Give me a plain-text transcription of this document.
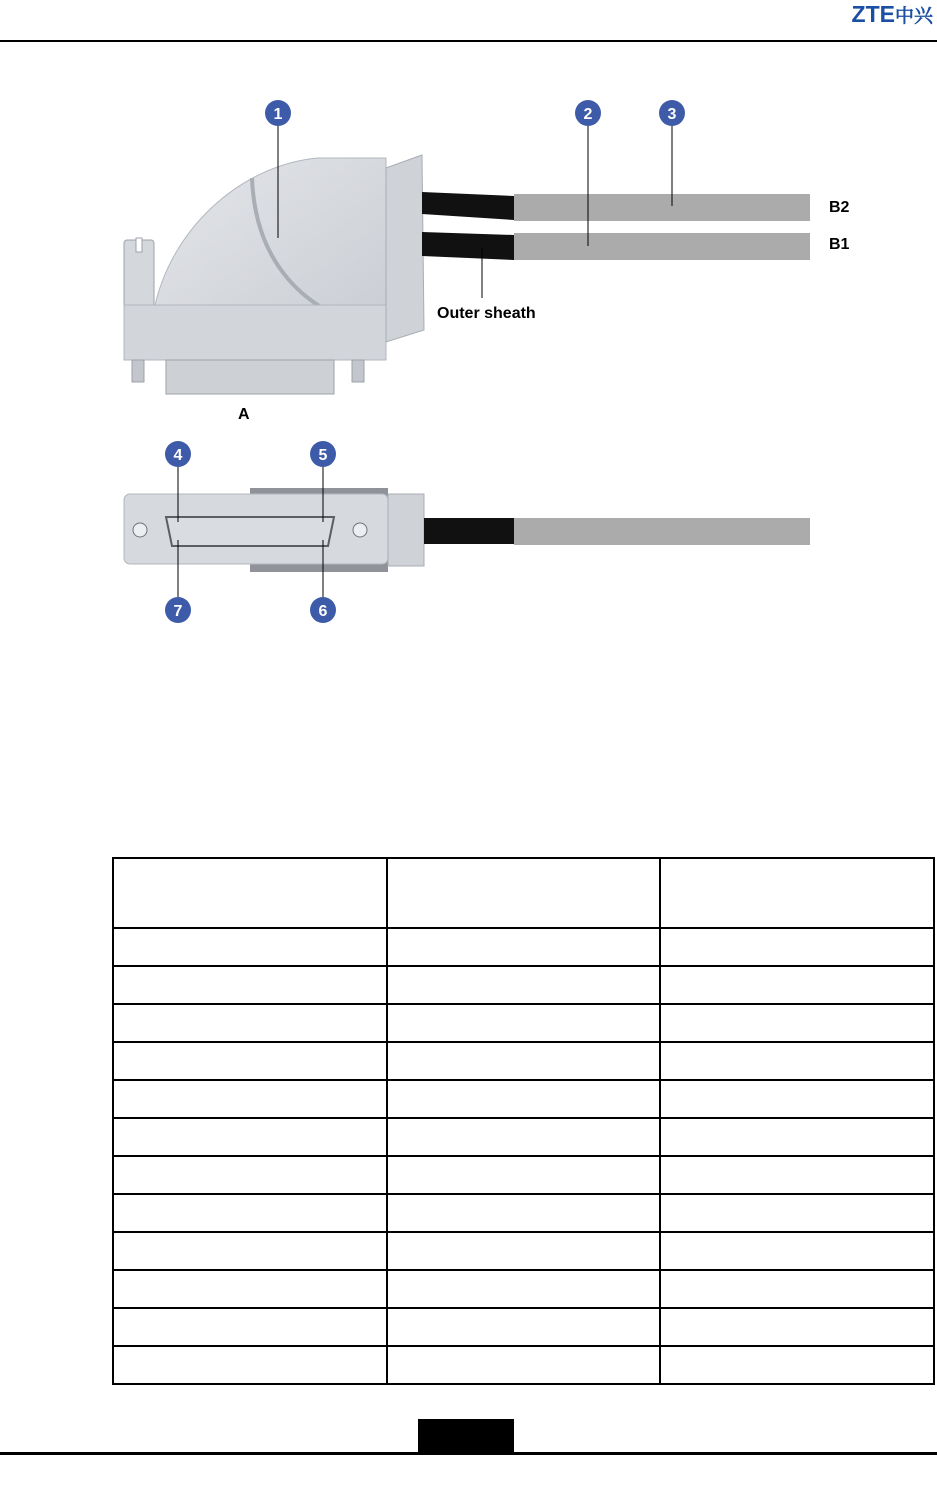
ZTE中兴
1	2	3
4	5
6
7
B2
B1
Outer sheath
A
